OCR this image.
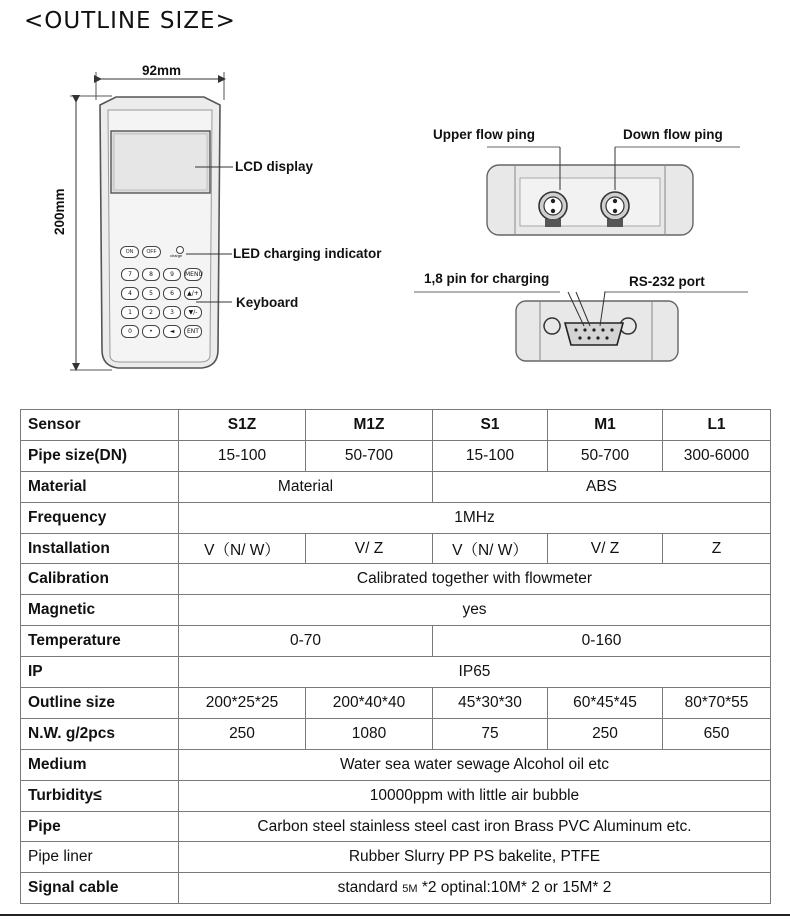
<OUTLINE SIZE>
ON	OFF
charge
7	8	9	MENU
4	5	6	▲/+
1	2	3	▼/-
0	•	◄	ENT
92mm
200mm
LCD display
LED charging indicator
Keyboard
Upper flow ping	Down flow ping
1,8 pin for charging	RS-232 port
Sensor	S1Z	M1Z	S1	M1	L1
Pipe size(DN)	15-100	50-700	15-100	50-700	300-6000
Material	Material		ABS		
Frequency	1MHz				
Installation	V（N/ W）	V/ Z	V（N/ W）	V/ Z	Z
Calibration	Calibrated together with flowmeter				
Magnetic	yes				
Temperature	0-70		0-160		
IP	IP65				
Outline size	200*25*25	200*40*40	45*30*30	60*45*45	80*70*55
N.W. g/2pcs	250	1080	75	250	650
Medium	Water sea water sewage Alcohol oil etc				
Turbidity≤	10000ppm with little air bubble				
Pipe	Carbon steel stainless steel cast iron Brass PVC Aluminum etc.				
Pipe liner	Rubber Slurry PP PS bakelite, PTFE				
Signal cable	standard 5M *2 optinal:10M* 2 or 15M* 2				
